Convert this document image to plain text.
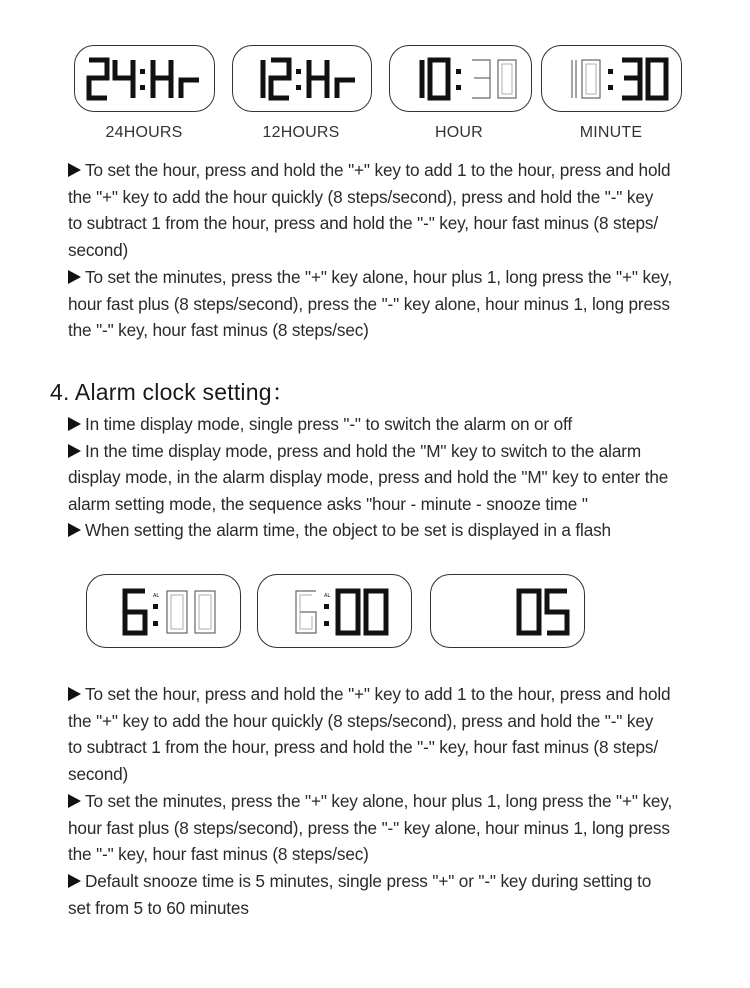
24HOURS	12HOURS	HOUR	MINUTE
To set the hour, press and hold the "+" key to add 1 to the hour, press and hold
the "+" key to add the hour quickly (8 steps/second), press and hold the "-" key
to subtract 1 from the hour, press and hold the "-" key, hour fast minus (8 steps/
second)
To set the minutes, press the "+" key alone, hour plus 1, long press the "+" key,
hour fast plus (8 steps/second), press the "-" key alone, hour minus 1, long press
the "-" key, hour fast minus (8 steps/sec)
4. Alarm clock setting：
In time display mode, single press "-" to switch the alarm on or off
In the time display mode, press and hold the "M" key to switch to the alarm
display mode, in the alarm display mode, press and hold the "M" key to enter the
alarm setting mode, the sequence asks "hour - minute - snooze time "
When setting the alarm time, the object to be set is displayed in a flash
AL	AL
To set the hour, press and hold the "+" key to add 1 to the hour, press and hold
the "+" key to add the hour quickly (8 steps/second), press and hold the "-" key
to subtract 1 from the hour, press and hold the "-" key, hour fast minus (8 steps/
second)
To set the minutes, press the "+" key alone, hour plus 1, long press the "+" key,
hour fast plus (8 steps/second), press the "-" key alone, hour minus 1, long press
the "-" key, hour fast minus (8 steps/sec)
Default snooze time is 5 minutes, single press "+" or "-" key during setting to
set from 5 to 60 minutes
